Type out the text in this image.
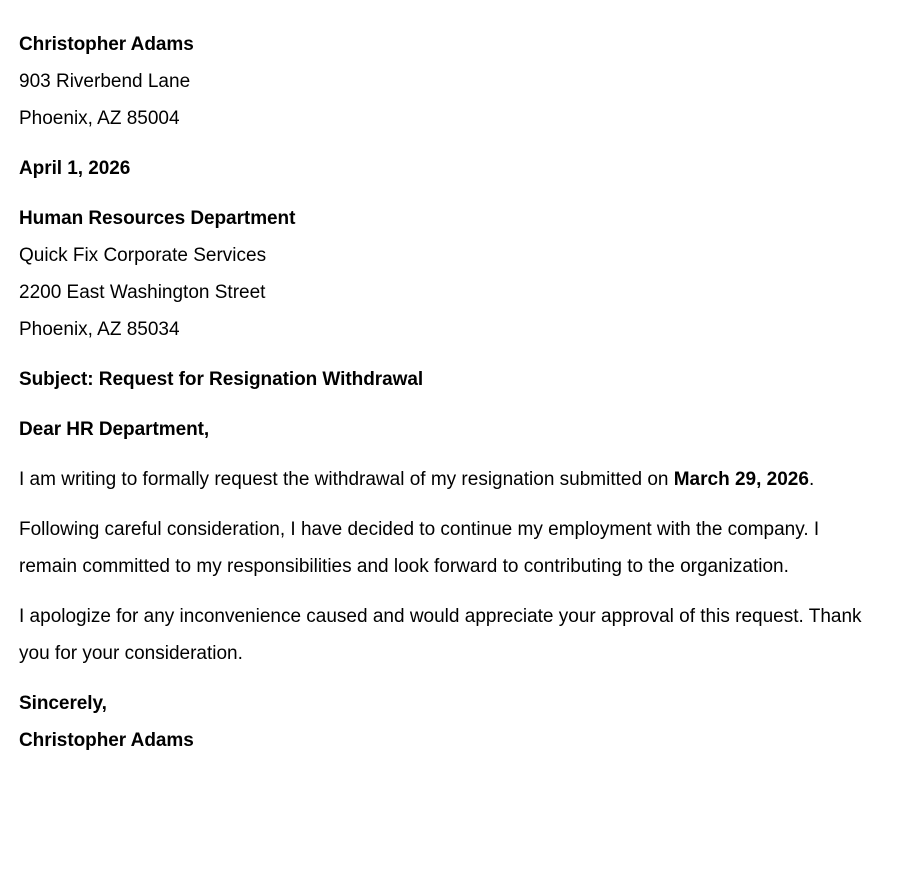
Christopher Adams
903 Riverbend Lane
Phoenix, AZ 85004
April 1, 2026
Human Resources Department
Quick Fix Corporate Services
2200 East Washington Street
Phoenix, AZ 85034
Subject: Request for Resignation Withdrawal
Dear HR Department,

I am writing to formally request the withdrawal of my resignation submitted on March 29, 2026.

Following careful consideration, I have decided to continue my employment with the company. I remain committed to my responsibilities and look forward to contributing to the organization.

I apologize for any inconvenience caused and would appreciate your approval of this request. Thank you for your consideration.

Sincerely,
Christopher Adams
